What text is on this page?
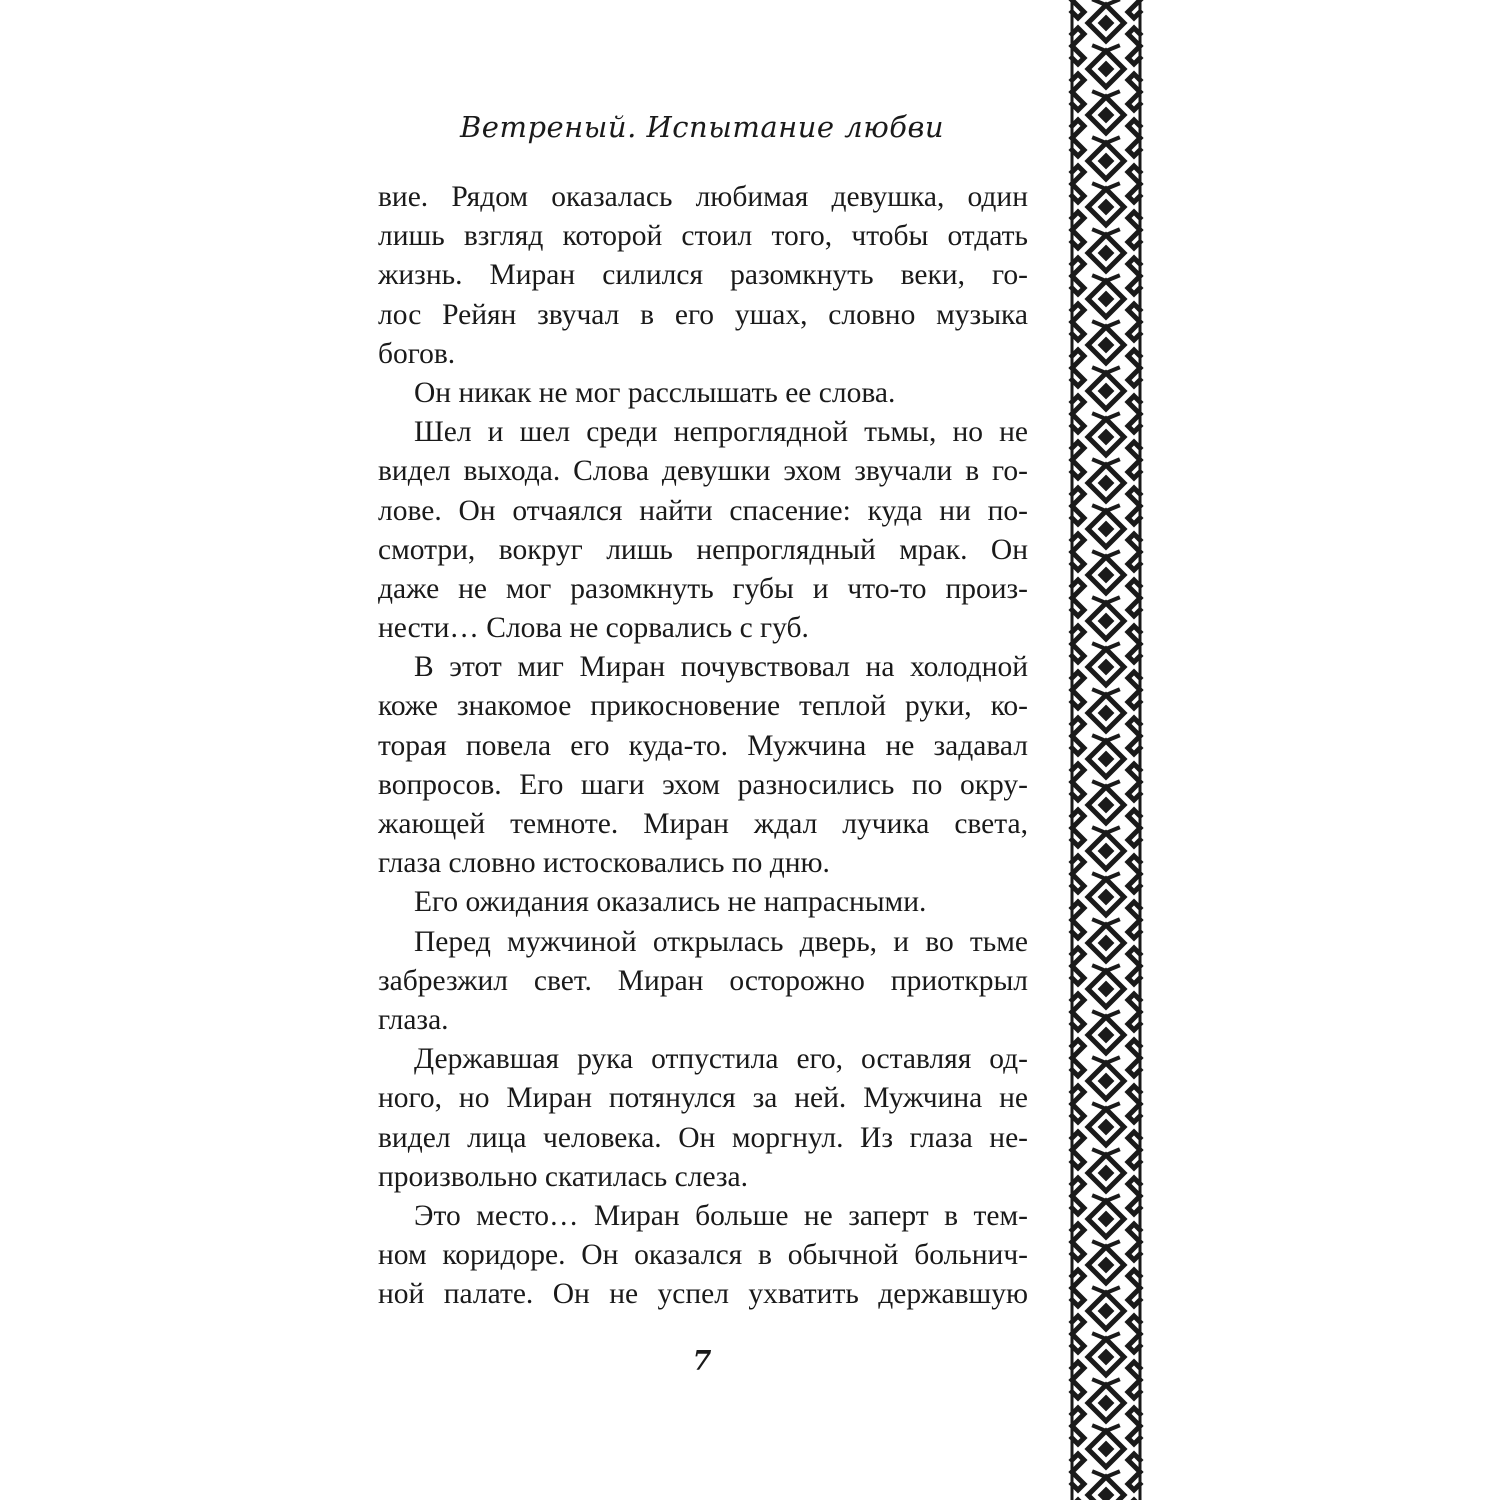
Ветреный. Испытание любви
вие. Рядом оказалась любимая девушка, один
лишь взгляд которой стоил того, чтобы отдать
жизнь. Миран силился разомкнуть веки, го-
лос Рейян звучал в его ушах, словно музыка
богов.
Он никак не мог расслышать ее слова.
Шел и шел среди непроглядной тьмы, но не
видел выхода. Слова девушки эхом звучали в го-
лове. Он отчаялся найти спасение: куда ни по-
смотри, вокруг лишь непроглядный мрак. Он
даже не мог разомкнуть губы и что-то произ-
нести… Слова не сорвались с губ.
В этот миг Миран почувствовал на холодной
коже знакомое прикосновение теплой руки, ко-
торая повела его куда-то. Мужчина не задавал
вопросов. Его шаги эхом разносились по окру-
жающей темноте. Миран ждал лучика света,
глаза словно истосковались по дню.
Его ожидания оказались не напрасными.
Перед мужчиной открылась дверь, и во тьме
забрезжил свет. Миран осторожно приоткрыл
глаза.
Державшая рука отпустила его, оставляя од-
ного, но Миран потянулся за ней. Мужчина не
видел лица человека. Он моргнул. Из глаза не-
произвольно скатилась слеза.
Это место… Миран больше не заперт в тем-
ном коридоре. Он оказался в обычной больнич-
ной палате. Он не успел ухватить державшую
7
